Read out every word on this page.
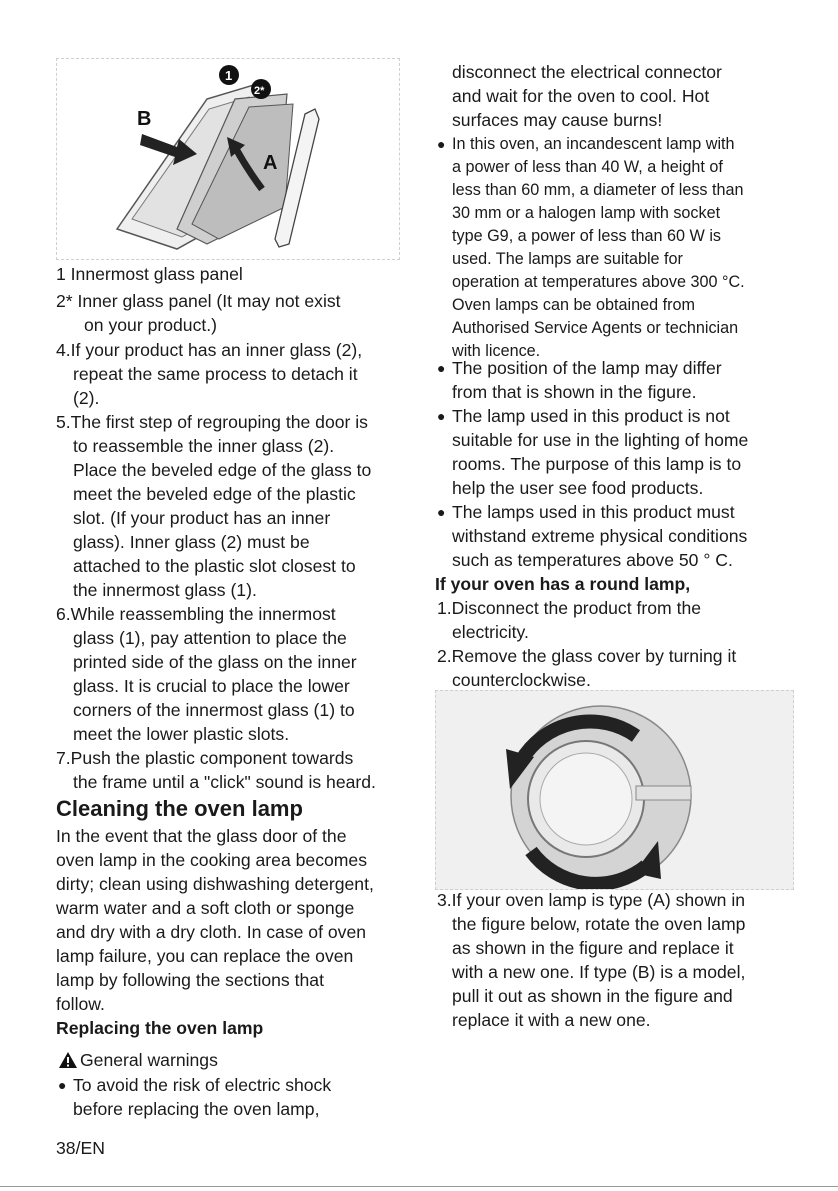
B
A
1
2*
1 Innermost glass panel
2* Inner glass panel (It may not exist
on your product.)
4.If your product has an inner glass (2),
repeat the same process to detach it
(2).
5.The first step of regrouping the door is
to reassemble the inner glass (2).
Place the beveled edge of the glass to
meet the beveled edge of the plastic
slot. (If your product has an inner
glass). Inner glass (2) must be
attached to the plastic slot closest to
the innermost glass (1).
6.While reassembling the innermost
glass (1), pay attention to place the
printed side of the glass on the inner
glass. It is crucial to place the lower
corners of the innermost glass (1) to
meet the lower plastic slots.
7.Push the plastic component towards
the frame until a "click" sound is heard.
Cleaning the oven lamp
In the event that the glass door of the
oven lamp in the cooking area becomes
dirty; clean using dishwashing detergent,
warm water and a soft cloth or sponge
and dry with a dry cloth. In case of oven
lamp failure, you can replace the oven
lamp by following the sections that
follow.
Replacing the oven lamp
General warnings
● To avoid the risk of electric shock
before replacing the oven lamp,
disconnect the electrical connector
and wait for the oven to cool. Hot
surfaces may cause burns!
● In this oven, an incandescent lamp with
a power of less than 40 W, a height of
less than 60 mm, a diameter of less than
30 mm or a halogen lamp with socket
type G9, a power of less than 60 W is
used. The lamps are suitable for
operation at temperatures above 300 °C.
Oven lamps can be obtained from
Authorised Service Agents or technician
with licence.
● The position of the lamp may differ
from that is shown in the figure.
● The lamp used in this product is not
suitable for use in the lighting of home
rooms. The purpose of this lamp is to
help the user see food products.
● The lamps used in this product must
withstand extreme physical conditions
such as temperatures above 50 ° C.
If your oven has a round lamp,
1.Disconnect the product from the
electricity.
2.Remove the glass cover by turning it
counterclockwise.
3.If your oven lamp is type (A) shown in
the figure below, rotate the oven lamp
as shown in the figure and replace it
with a new one. If type (B) is a model,
pull it out as shown in the figure and
replace it with a new one.
38/EN
